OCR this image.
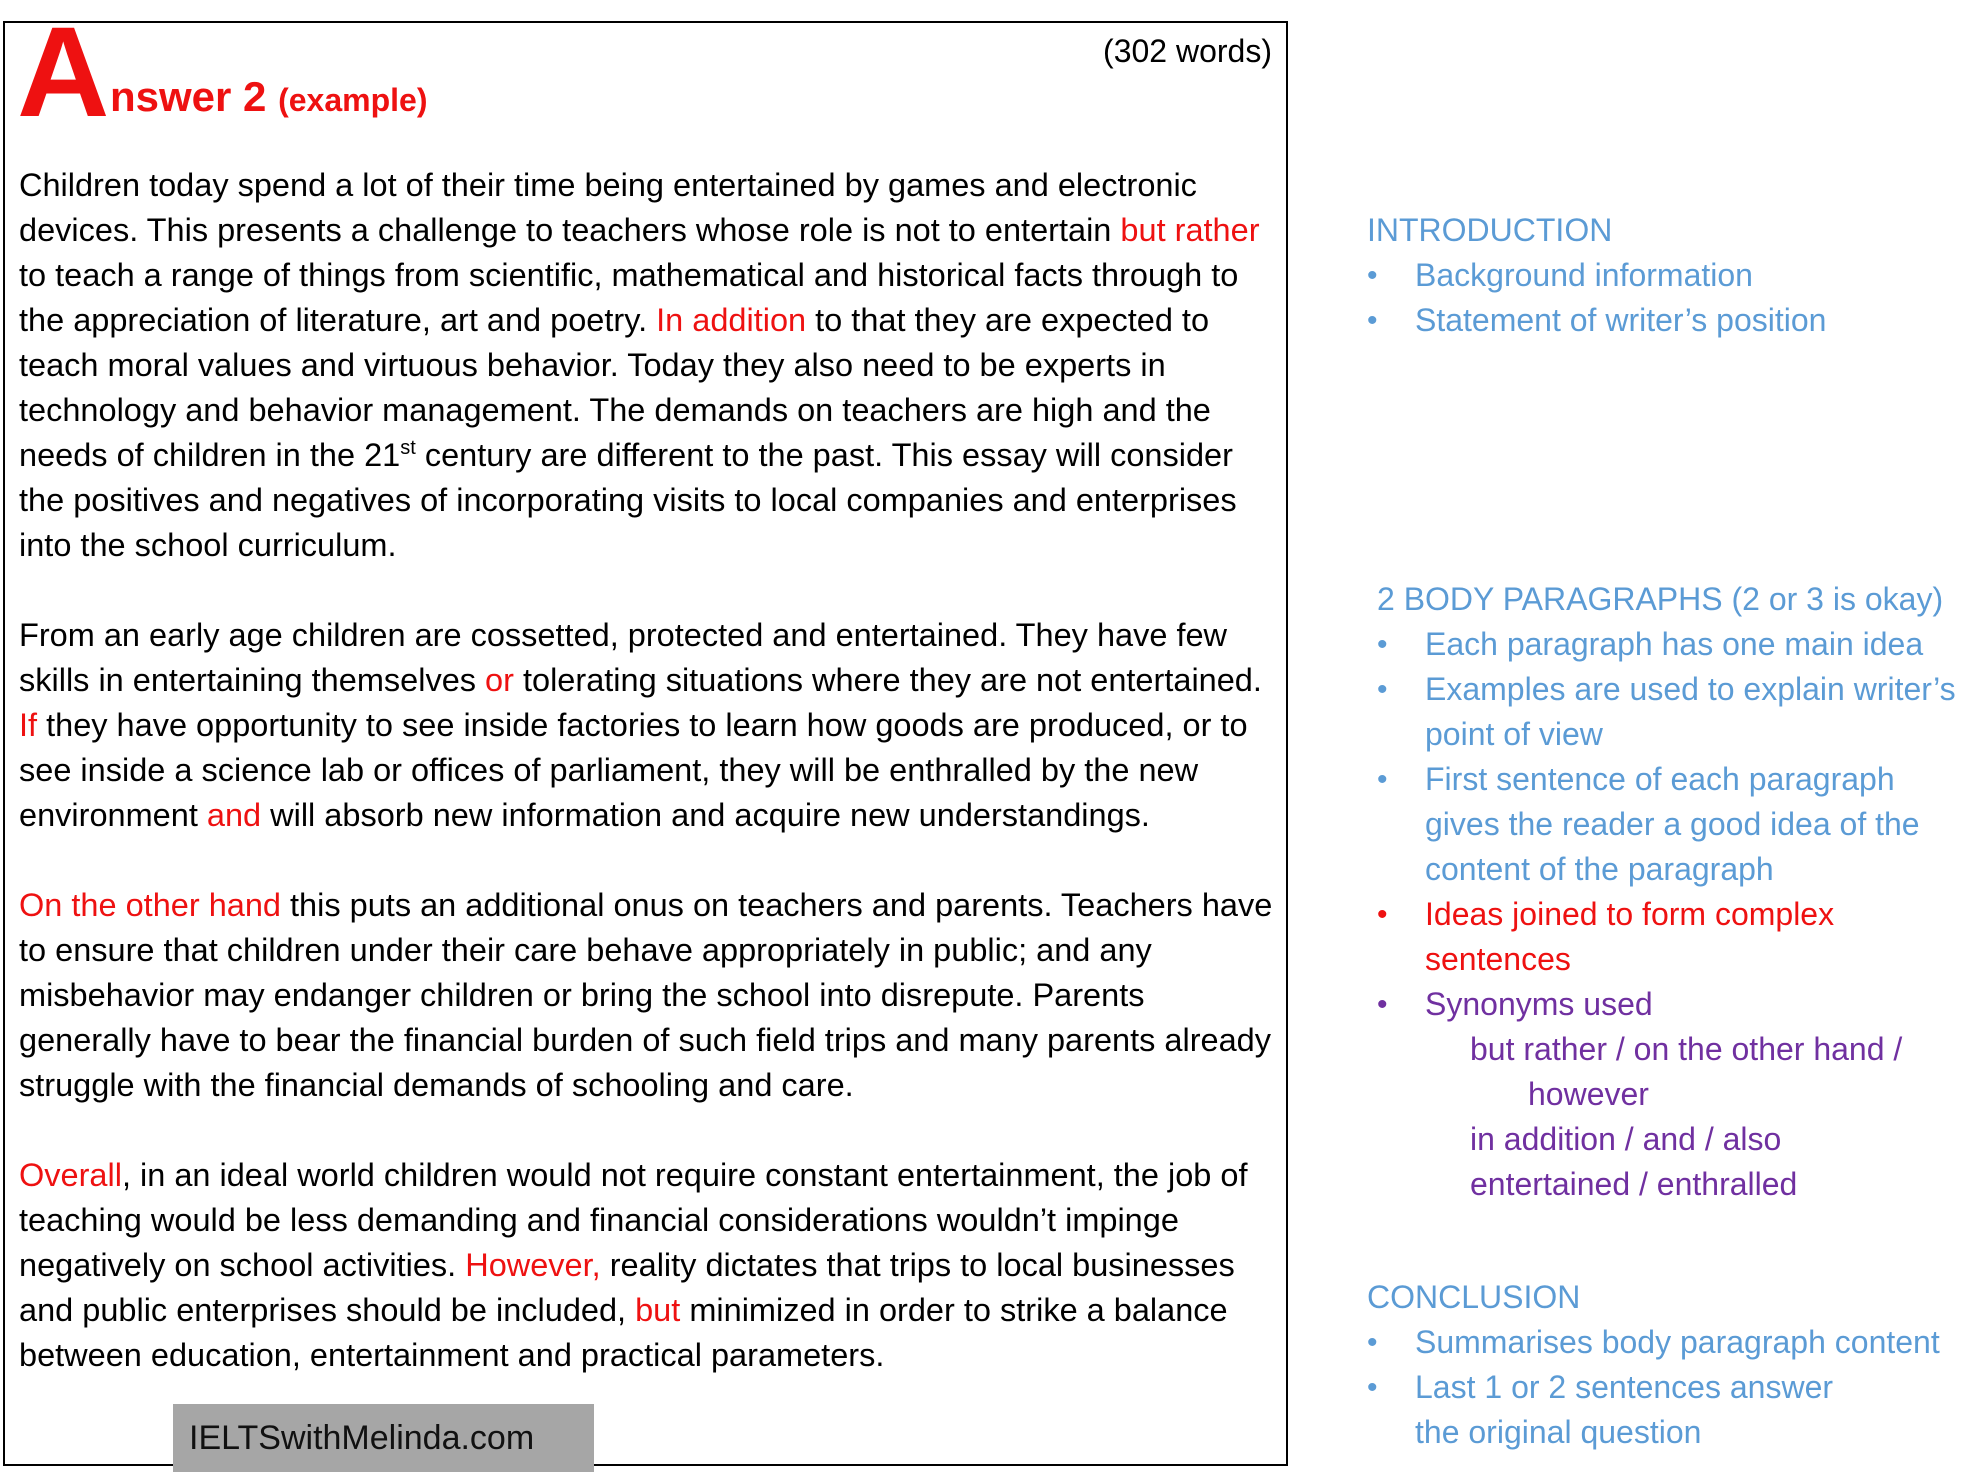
A nswer 2 (example)
(302 words)

Children today spend a lot of their time being entertained by games and electronic devices. This presents a challenge to teachers whose role is not to entertain but rather to teach a range of things from scientific, mathematical and historical facts through to the appreciation of literature, art and poetry. In addition to that they are expected to teach moral values and virtuous behavior. Today they also need to be experts in technology and behavior management. The demands on teachers are high and the needs of children in the 21st century are different to the past. This essay will consider the positives and negatives of incorporating visits to local companies and enterprises into the school curriculum.

From an early age children are cossetted, protected and entertained. They have few skills in entertaining themselves or tolerating situations where they are not entertained. If they have opportunity to see inside factories to learn how goods are produced, or to see inside a science lab or offices of parliament, they will be enthralled by the new environment and will absorb new information and acquire new understandings.

On the other hand this puts an additional onus on teachers and parents. Teachers have to ensure that children under their care behave appropriately in public; and any misbehavior may endanger children or bring the school into disrepute. Parents generally have to bear the financial burden of such field trips and many parents already struggle with the financial demands of schooling and care.

Overall, in an ideal world children would not require constant entertainment, the job of teaching would be less demanding and financial considerations wouldn’t impinge negatively on school activities. However, reality dictates that trips to local businesses and public enterprises should be included, but minimized in order to strike a balance between education, entertainment and practical parameters.

IELTSwithMelinda.com
INTRODUCTION
• Background information
• Statement of writer’s position
2 BODY PARAGRAPHS (2 or 3 is okay)
• Each paragraph has one main idea
• Examples are used to explain writer’s point of view
• First sentence of each paragraph gives the reader a good idea of the content of the paragraph
• Ideas joined to form complex sentences
• Synonyms used
but rather / on the other hand /
however
in addition / and / also
entertained / enthralled
CONCLUSION
• Summarises body paragraph content
• Last 1 or 2 sentences answer the original question
